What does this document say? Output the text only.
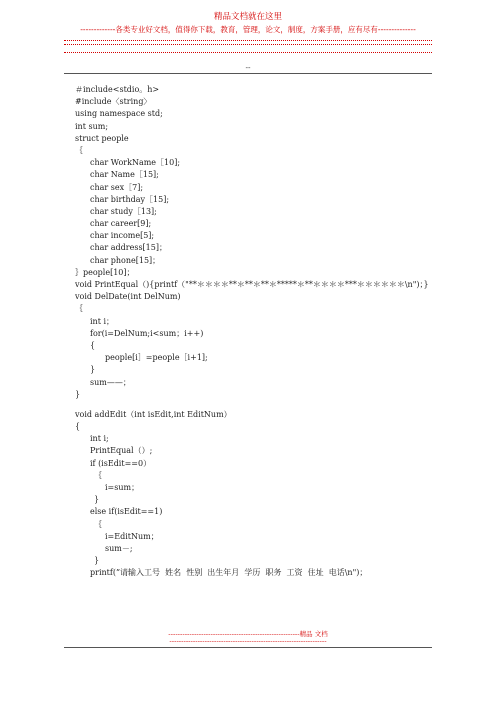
精品文档就在这里
-------------各类专业好文档，值得你下载，教育，管理，论文，制度，方案手册，应有尽有--------------
--
＃include<stdio。h>
#include〈string〉
using namespace std;
int sum;
struct people
｛
char WorkName［10];
char Name［15];
char sex［7];
char birthday［15];
char study［13];
char career[9];
char income[5];
char address[15]；
char phone[15]；
｝people[10]；
void PrintEqual（){printf（"**＊＊＊＊**＊**＊**＊*****＊**＊＊＊＊***＊＊＊＊＊＊\n")；}
void DelDate(int DelNum)
｛
int i；
for(i=DelNum;i<sum；i++)
{
people[i］=people［i+1];
}
sum——；
}
void addEdit（int isEdit,int EditNum）
{
int i;
PrintEqual（）;
if (isEdit==0）
｛
i=sum；
}
else if(isEdit==1)
｛
i=EditNum；
sum－;
}
printf(”请输入工号  姓名  性别  出生年月  学历  职务  工资  住址  电话\n")；
--------------------------------------------------------精品 文档
-------------------------------------------------------------------
